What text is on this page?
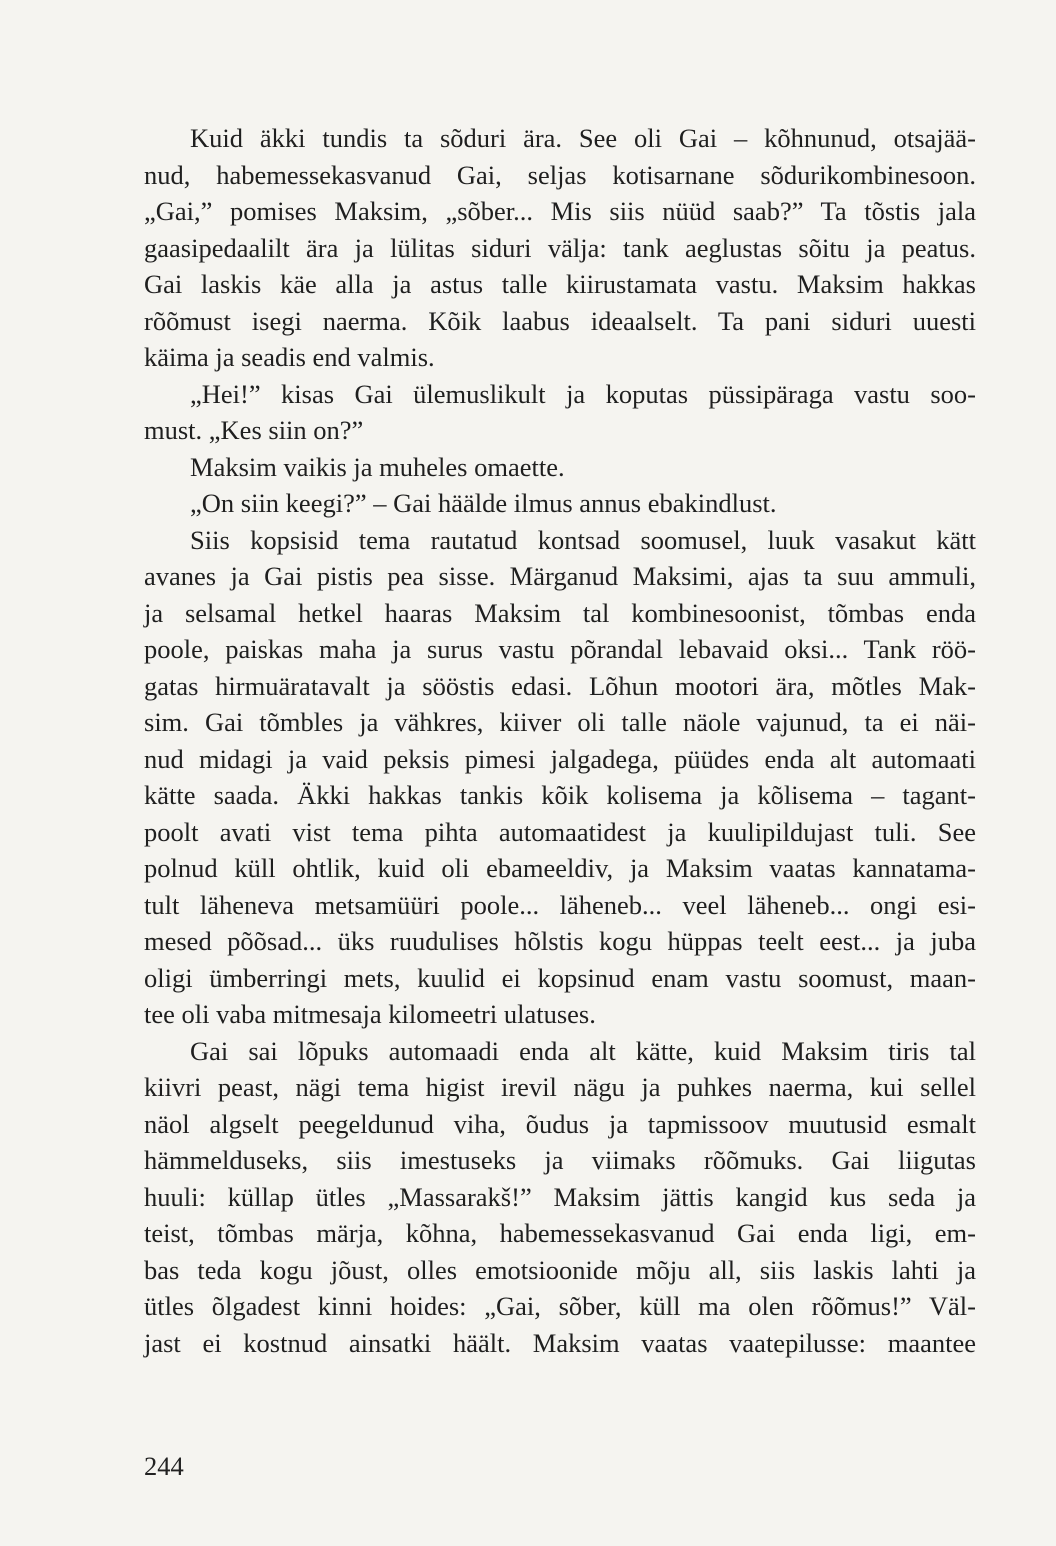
Kuid äkki tundis ta sõduri ära. See oli Gai – kõhnunud, otsajää-
nud, habemessekasvanud Gai, seljas kotisarnane sõdurikombinesoon.
„Gai,” pomises Maksim, „sõber... Mis siis nüüd saab?” Ta tõstis jala
gaasipedaalilt ära ja lülitas siduri välja: tank aeglustas sõitu ja peatus.
Gai laskis käe alla ja astus talle kiirustamata vastu. Maksim hakkas
rõõmust isegi naerma. Kõik laabus ideaalselt. Ta pani siduri uuesti
käima ja seadis end valmis.
„Hei!” kisas Gai ülemuslikult ja koputas püssipäraga vastu soo-
must. „Kes siin on?”
Maksim vaikis ja muheles omaette.
„On siin keegi?” – Gai häälde ilmus annus ebakindlust.
Siis kopsisid tema rautatud kontsad soomusel, luuk vasakut kätt
avanes ja Gai pistis pea sisse. Märganud Maksimi, ajas ta suu ammuli,
ja selsamal hetkel haaras Maksim tal kombinesoonist, tõmbas enda
poole, paiskas maha ja surus vastu põrandal lebavaid oksi... Tank röö-
gatas hirmuäratavalt ja sööstis edasi. Lõhun mootori ära, mõtles Mak-
sim. Gai tõmbles ja vähkres, kiiver oli talle näole vajunud, ta ei näi-
nud midagi ja vaid peksis pimesi jalgadega, püüdes enda alt automaati
kätte saada. Äkki hakkas tankis kõik kolisema ja kõlisema – tagant-
poolt avati vist tema pihta automaatidest ja kuulipildujast tuli. See
polnud küll ohtlik, kuid oli ebameeldiv, ja Maksim vaatas kannatama-
tult läheneva metsamüüri poole... läheneb... veel läheneb... ongi esi-
mesed põõsad... üks ruudulises hõlstis kogu hüppas teelt eest... ja juba
oligi ümberringi mets, kuulid ei kopsinud enam vastu soomust, maan-
tee oli vaba mitmesaja kilomeetri ulatuses.
Gai sai lõpuks automaadi enda alt kätte, kuid Maksim tiris tal
kiivri peast, nägi tema higist irevil nägu ja puhkes naerma, kui sellel
näol algselt peegeldunud viha, õudus ja tapmissoov muutusid esmalt
hämmelduseks, siis imestuseks ja viimaks rõõmuks. Gai liigutas
huuli: küllap ütles „Massarakš!” Maksim jättis kangid kus seda ja
teist, tõmbas märja, kõhna, habemessekasvanud Gai enda ligi, em-
bas teda kogu jõust, olles emotsioonide mõju all, siis laskis lahti ja
ütles õlgadest kinni hoides: „Gai, sõber, küll ma olen rõõmus!” Väl-
jast ei kostnud ainsatki häält. Maksim vaatas vaatepilusse: maantee
244
